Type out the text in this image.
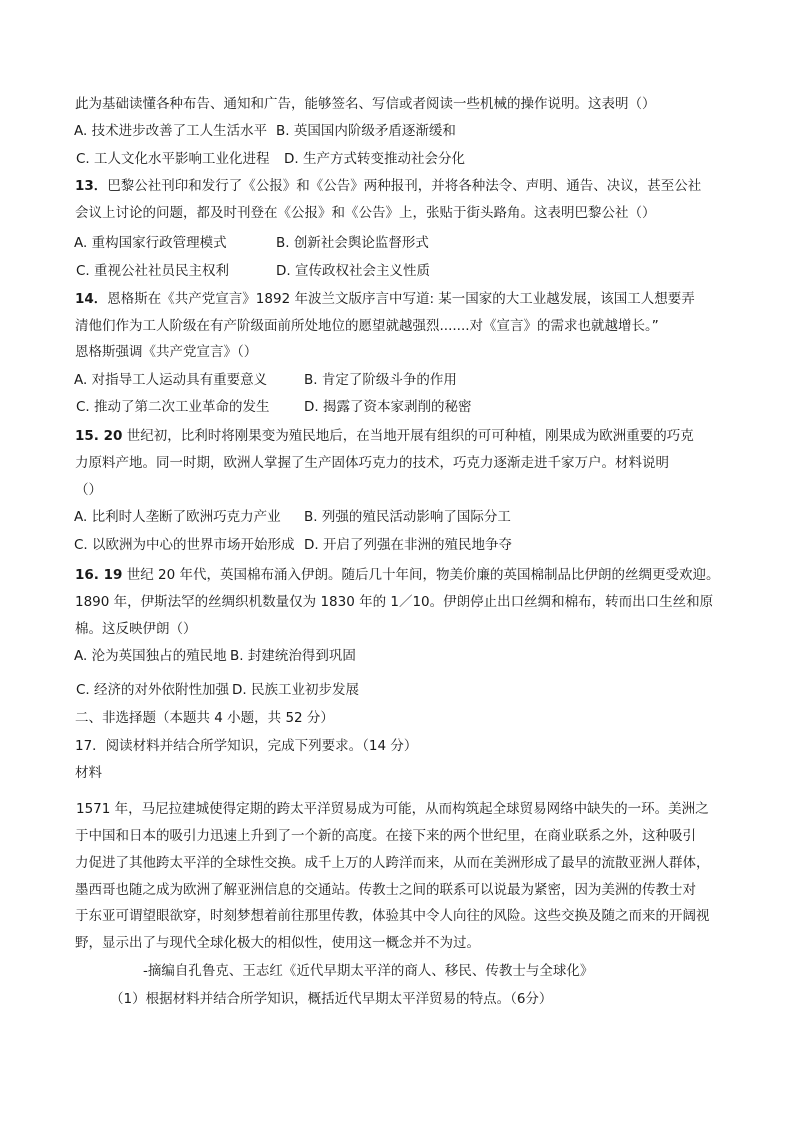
此为基础读懂各种布告、通知和广告，能够签名、写信或者阅读一些机械的操作说明。这表明（）
A. 技术进步改善了工人生活水平 B. 英国国内阶级矛盾逐渐缓和
C. 工人文化水平影响工业化进程 D. 生产方式转变推动社会分化
13．巴黎公社刊印和发行了《公报》和《公告》两种报刊，并将各种法令、声明、通告、决议，甚至公社
会议上讨论的问题，都及时刊登在《公报》和《公告》上，张贴于街头路角。这表明巴黎公社（）
A. 重构国家行政管理模式	B. 创新社会舆论监督形式
C. 重视公社社员民主权利	D. 宣传政权社会主义性质
14．恩格斯在《共产党宣言》1892 年波兰文版序言中写道: 某一国家的大工业越发展，该国工人想要弄
清他们作为工人阶级在有产阶级面前所处地位的愿望就越强烈.......对《宣言》的需求也就越增长。”
恩格斯强调《共产党宣言》（）
A. 对指导工人运动具有重要意义	B. 肯定了阶级斗争的作用
C. 推动了第二次工业革命的发生	D. 揭露了资本家剥削的秘密
15. 20 世纪初，比利时将刚果变为殖民地后，在当地开展有组织的可可种植，刚果成为欧洲重要的巧克
力原料产地。同一时期，欧洲人掌握了生产固体巧克力的技术，巧克力逐渐走进千家万户。材料说明
（）
A. 比利时人垄断了欧洲巧克力产业 B. 列强的殖民活动影响了国际分工
C. 以欧洲为中心的世界市场开始形成 D. 开启了列强在非洲的殖民地争夺
16. 19 世纪 20 年代，英国棉布涌入伊朗。随后几十年间，物美价廉的英国棉制品比伊朗的丝绸更受欢迎。
1890 年，伊斯法罕的丝绸织机数量仅为 1830 年的 1／10。伊朗停止出口丝绸和棉布，转而出口生丝和原
棉。这反映伊朗（）
A. 沦为英国独占的殖民地 B. 封建统治得到巩固
C. 经济的对外依附性加强 D. 民族工业初步发展
二、非选择题（本题共 4 小题，共 52 分）
17．阅读材料并结合所学知识，完成下列要求。（14 分）
材料
1571 年，马尼拉建城使得定期的跨太平洋贸易成为可能，从而构筑起全球贸易网络中缺失的一环。美洲之
于中国和日本的吸引力迅速上升到了一个新的高度。在接下来的两个世纪里，在商业联系之外，这种吸引
力促进了其他跨太平洋的全球性交换。成千上万的人跨洋而来，从而在美洲形成了最早的流散亚洲人群体，
墨西哥也随之成为欧洲了解亚洲信息的交通站。传教士之间的联系可以说最为紧密，因为美洲的传教士对
于东亚可谓望眼欲穿，时刻梦想着前往那里传教，体验其中令人向往的风险。这些交换及随之而来的开阔视
野，显示出了与现代全球化极大的相似性，使用这一概念并不为过。
-摘编自孔鲁克、王志红《近代早期太平洋的商人、移民、传教士与全球化》
（1）根据材料并结合所学知识，概括近代早期太平洋贸易的特点。（6分）
